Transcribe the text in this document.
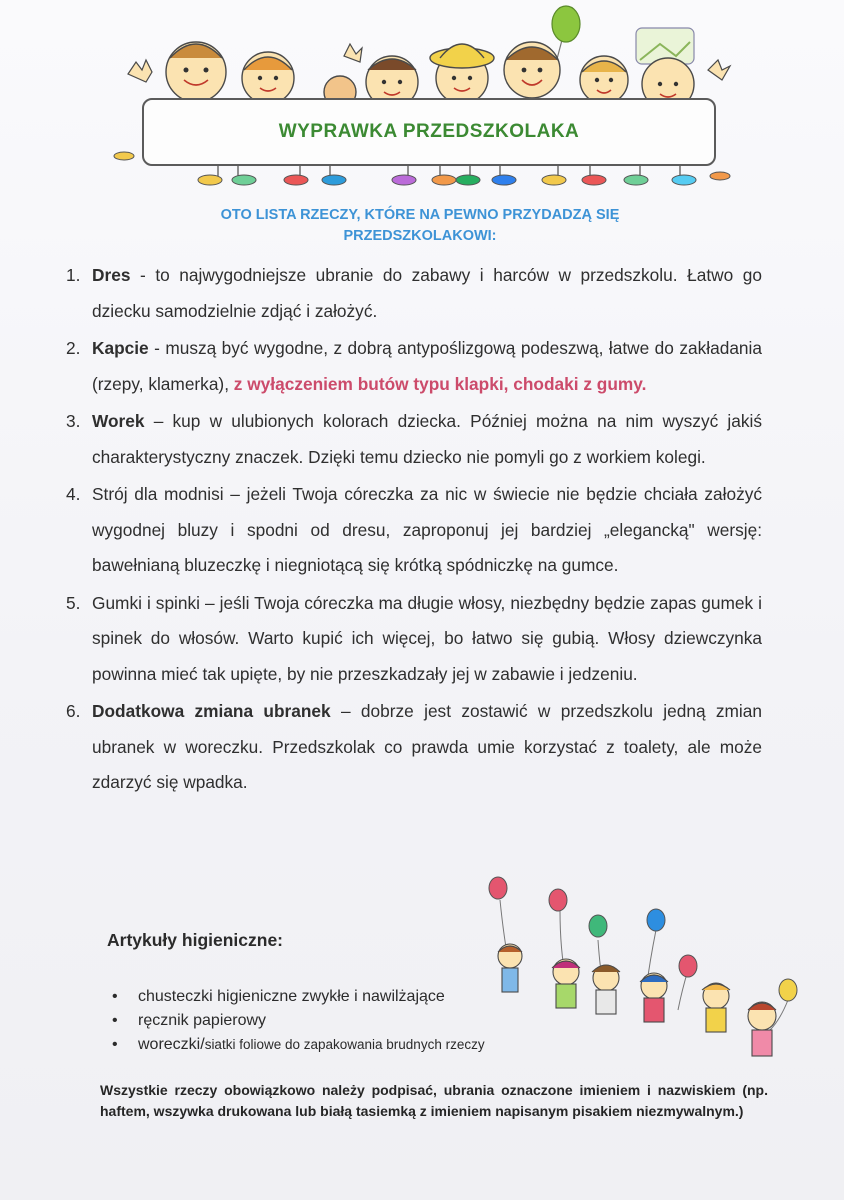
WYPRAWKA PRZEDSZKOLAKA
OTO LISTA RZECZY, KTÓRE NA PEWNO PRZYDADZĄ SIĘ
PRZEDSZKOLAKOWI:
1. Dres - to najwygodniejsze ubranie do zabawy i harców w przedszkolu. Łatwo go dziecku samodzielnie zdjąć i założyć.
2. Kapcie - muszą być wygodne, z dobrą antypoślizgową podeszwą, łatwe do zakładania (rzepy, klamerka), z wyłączeniem butów typu klapki, chodaki z gumy.
3. Worek – kup w ulubionych kolorach dziecka. Później można na nim wyszyć jakiś charakterystyczny znaczek. Dzięki temu dziecko nie pomyli go z workiem kolegi.
4. Strój dla modnisi – jeżeli Twoja córeczka za nic w świecie nie będzie chciała założyć wygodnej bluzy i spodni od dresu, zaproponuj jej bardziej „elegancką" wersję: bawełnianą bluzeczkę i niegniotącą się krótką spódniczkę na gumce.
5. Gumki i spinki – jeśli Twoja córeczka ma długie włosy, niezbędny będzie zapas gumek i spinek do włosów. Warto kupić ich więcej, bo łatwo się gubią. Włosy dziewczynka powinna mieć tak upięte, by nie przeszkadzały jej w zabawie i jedzeniu.
6. Dodatkowa zmiana ubranek – dobrze jest zostawić w przedszkolu jedną zmian ubranek w woreczku. Przedszkolak co prawda umie korzystać z toalety, ale może zdarzyć się wpadka.
Artykuły higieniczne:
• chusteczki higieniczne zwykłe i nawilżające
• ręcznik papierowy
• woreczki/siatki foliowe do zapakowania brudnych rzeczy
Wszystkie rzeczy obowiązkowo należy podpisać, ubrania oznaczone imieniem i nazwiskiem (np. haftem, wszywka drukowana lub białą tasiemką z imieniem napisanym pisakiem niezmywalnym.)
